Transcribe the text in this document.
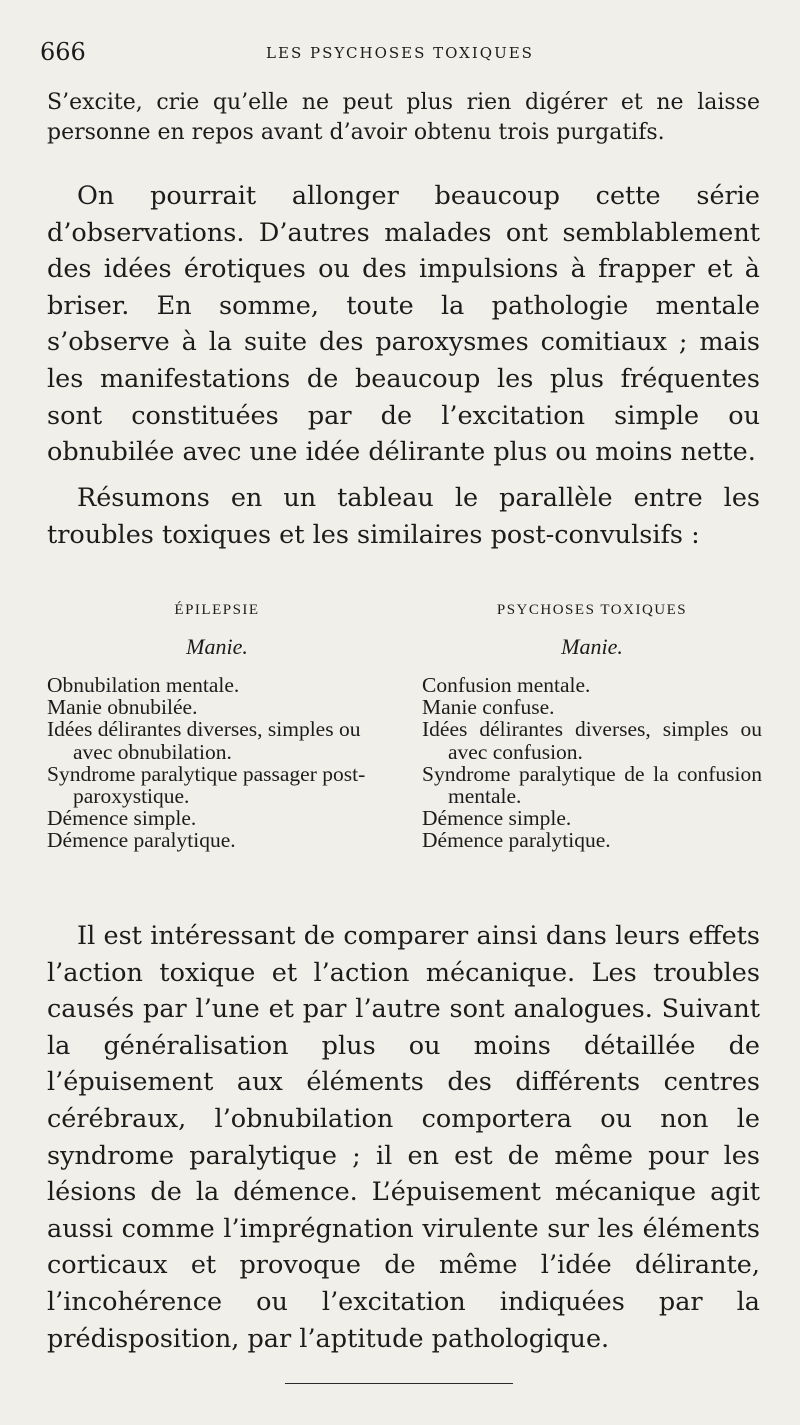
666	LES PSYCHOSES TOXIQUES

S’excite, crie qu’elle ne peut plus rien digérer et ne laisse personne en repos avant d’avoir obtenu trois purgatifs.

On pourrait allonger beaucoup cette série d’observations. D’autres malades ont semblablement des idées érotiques ou des impulsions à frapper et à briser. En somme, toute la pathologie mentale s’observe à la suite des paroxysmes comitiaux ; mais les manifestations de beaucoup les plus fréquentes sont constituées par de l’excitation simple ou obnubilée avec une idée délirante plus ou moins nette.

Résumons en un tableau le parallèle entre les troubles toxiques et les similaires post-convulsifs :

ÉPILEPSIE
Manie.

Obnubilation mentale.

Manie obnubilée.

Idées délirantes diverses, simples ou avec obnubilation.

Syndrome paralytique passager post-paroxystique.

Démence simple.

Démence paralytique.

PSYCHOSES TOXIQUES
Manie.

Confusion mentale.

Manie confuse.

Idées délirantes diverses, simples ou avec confusion.

Syndrome paralytique de la confusion mentale.

Démence simple.

Démence paralytique.

Il est intéressant de comparer ainsi dans leurs effets l’action toxique et l’action mécanique. Les troubles causés par l’une et par l’autre sont analogues. Suivant la généralisation plus ou moins détaillée de l’épuisement aux éléments des différents centres cérébraux, l’obnubilation comportera ou non le syndrome paralytique ; il en est de même pour les lésions de la démence. L’épuisement mécanique agit aussi comme l’imprégnation virulente sur les éléments corticaux et provoque de même l’idée délirante, l’incohérence ou l’excitation indiquées par la prédisposition, par l’aptitude pathologique.
